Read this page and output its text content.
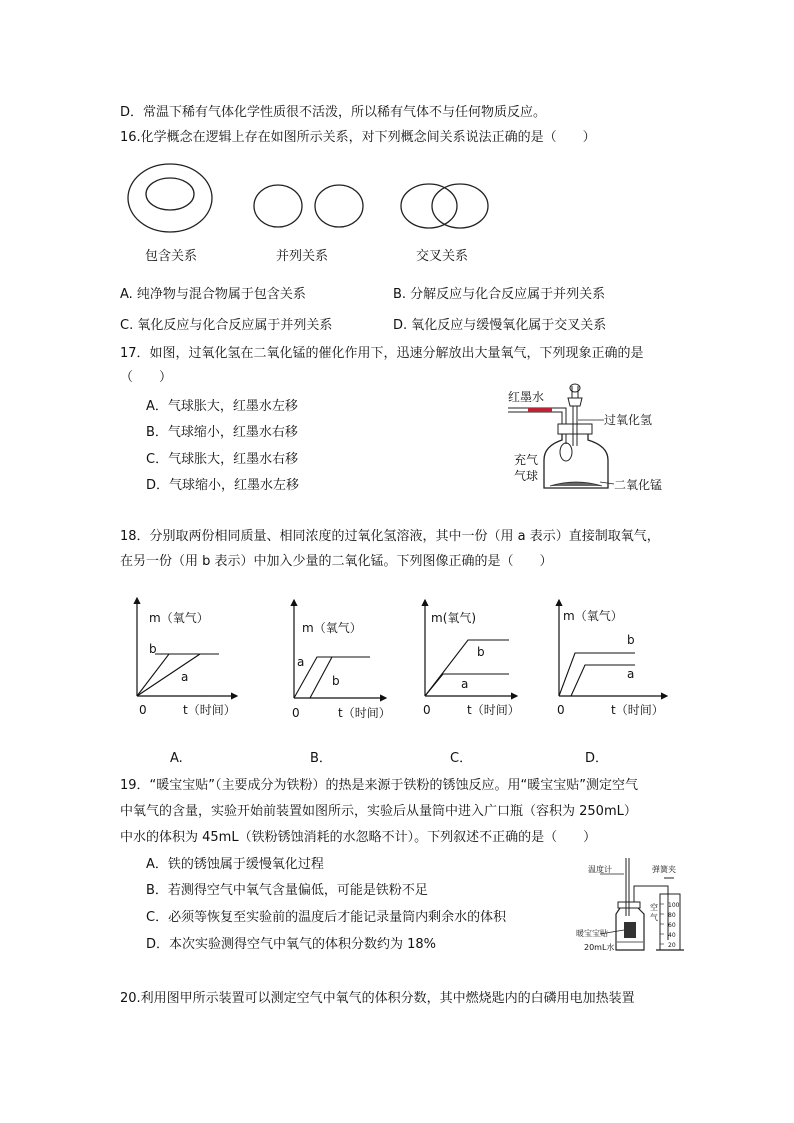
D．常温下稀有气体化学性质很不活泼，所以稀有气体不与任何物质反应。
16.化学概念在逻辑上存在如图所示关系，对下列概念间关系说法正确的是（　　）
包含关系	并列关系	交叉关系
A. 纯净物与混合物属于包含关系	B. 分解反应与化合反应属于并列关系
C. 氧化反应与化合反应属于并列关系	D. 氧化反应与缓慢氧化属于交叉关系
17．如图，过氧化氢在二氧化锰的催化作用下，迅速分解放出大量氧气，下列现象正确的是
（　　）
A．气球胀大，红墨水左移
B．气球缩小，红墨水右移
C．气球胀大，红墨水右移
D．气球缩小，红墨水左移
红墨水
过氧化氢
充气
气球
二氧化锰
18．分别取两份相同质量、相同浓度的过氧化氢溶液，其中一份（用 a 表示）直接制取氧气，
在另一份（用 b 表示）中加入少量的二氧化锰。下列图像正确的是（　　）
m（氧气）
b
a
0	t（时间）
A.
m（氧气）
a
b
0	t（时间）
B．
m(氧气)
b
a
0	t（时间）
C．
m（氧气）
b
a
0	t（时间）
D．
19．“暖宝宝贴”（主要成分为铁粉）的热是来源于铁粉的锈蚀反应。用“暖宝宝贴”测定空气
中氧气的含量，实验开始前装置如图所示，实验后从量筒中进入广口瓶（容积为 250mL）
中水的体积为 45mL（铁粉锈蚀消耗的水忽略不计）。下列叙述不正确的是（　　）
A．铁的锈蚀属于缓慢氧化过程
B．若测得空气中氧气含量偏低，可能是铁粉不足
C．必须等恢复至实验前的温度后才能记录量筒内剩余水的体积
D．本次实验测得空气中氧气的体积分数约为 18%
温度计	弹簧夹
空
气
暖宝宝贴
20mL水
100
80
60
40
20
20.利用图甲所示装置可以测定空气中氧气的体积分数，其中燃烧匙内的白磷用电加热装置
